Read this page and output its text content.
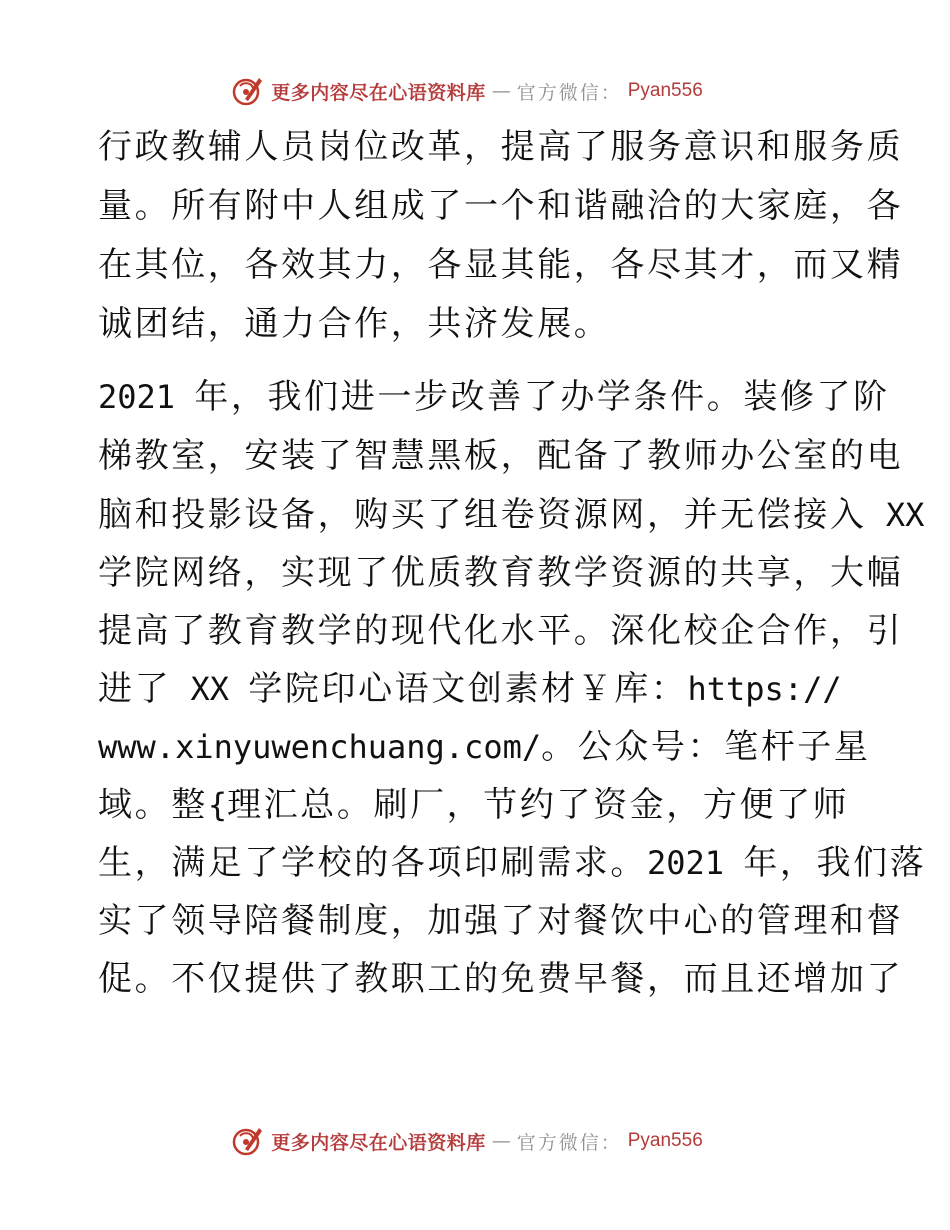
更多内容尽在心语资料库 — 官方微信： Pyan556
行政教辅人员岗位改革，提高了服务意识和服务质
量。所有附中人组成了一个和谐融洽的大家庭，各
在其位，各效其力，各显其能，各尽其才，而又精
诚团结，通力合作，共济发展。
2021 年，我们进一步改善了办学条件。装修了阶
梯教室，安装了智慧黑板，配备了教师办公室的电
脑和投影设备，购买了组卷资源网，并无偿接入 XX
学院网络，实现了优质教育教学资源的共享，大幅
提高了教育教学的现代化水平。深化校企合作，引
进了 XX 学院印心语文创素材￥库：https://
www.xinyuwenchuang.com/。公众号：笔杆子星
域。整{理汇总。刷厂，节约了资金，方便了师
生，满足了学校的各项印刷需求。2021 年，我们落
实了领导陪餐制度，加强了对餐饮中心的管理和督
促。不仅提供了教职工的免费早餐，而且还增加了
更多内容尽在心语资料库 — 官方微信： Pyan556
